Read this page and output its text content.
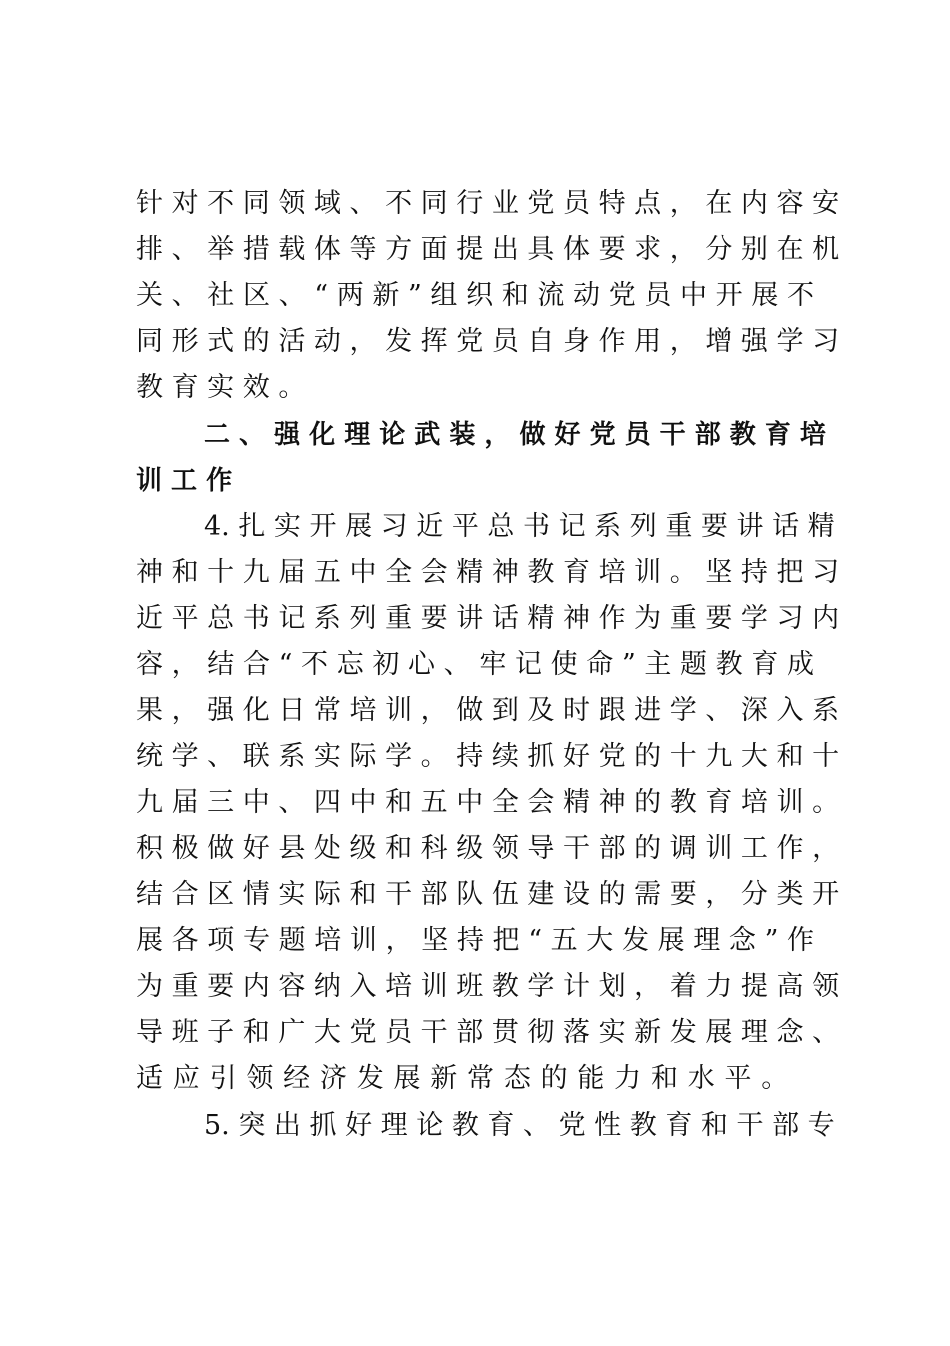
针 对 不 同 领 域 、 不 同 行 业 党 员 特 点 ， 在 内 容 安
排 、 举 措 载 体 等 方 面 提 出 具 体 要 求 ， 分 别 在 机
关 、 社 区 、 “ 两 新 ” 组 织 和 流 动 党 员 中 开 展 不
同 形 式 的 活 动 ， 发 挥 党 员 自 身 作 用 ， 增 强 学 习
教 育 实 效 。
二 、 强 化 理 论 武 装 ， 做 好 党 员 干 部 教 育 培
训 工 作
4. 扎 实 开 展 习 近 平 总 书 记 系 列 重 要 讲 话 精
神 和 十 九 届 五 中 全 会 精 神 教 育 培 训 。 坚 持 把 习
近 平 总 书 记 系 列 重 要 讲 话 精 神 作 为 重 要 学 习 内
容 ， 结 合 “ 不 忘 初 心 、 牢 记 使 命 ” 主 题 教 育 成
果 ， 强 化 日 常 培 训 ， 做 到 及 时 跟 进 学 、 深 入 系
统 学 、 联 系 实 际 学 。 持 续 抓 好 党 的 十 九 大 和 十
九 届 三 中 、 四 中 和 五 中 全 会 精 神 的 教 育 培 训 。
积 极 做 好 县 处 级 和 科 级 领 导 干 部 的 调 训 工 作 ，
结 合 区 情 实 际 和 干 部 队 伍 建 设 的 需 要 ， 分 类 开
展 各 项 专 题 培 训 ， 坚 持 把 “ 五 大 发 展 理 念 ” 作
为 重 要 内 容 纳 入 培 训 班 教 学 计 划 ， 着 力 提 高 领
导 班 子 和 广 大 党 员 干 部 贯 彻 落 实 新 发 展 理 念 、
适 应 引 领 经 济 发 展 新 常 态 的 能 力 和 水 平 。
5. 突 出 抓 好 理 论 教 育 、 党 性 教 育 和 干 部 专
